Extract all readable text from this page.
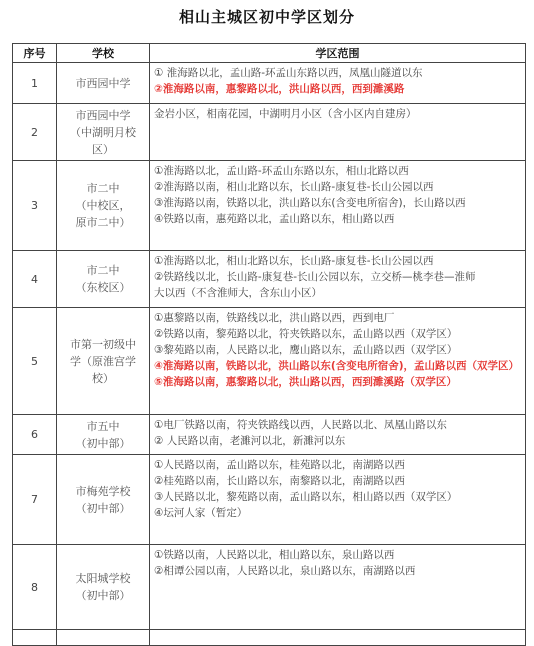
相山主城区初中学区划分
序号	学校	学区范围
1	市西园中学	① 淮海路以北，孟山路-环孟山东路以西，凤凰山隧道以东
②淮海路以南，惠黎路以北，洪山路以西，西到濉溪路

2	市西园中学
（中湖明月校
区）	金岩小区，相南花园，中湖明月小区（含小区内自建房）

3	市二中
（中校区，
原市二中）	①淮海路以北，孟山路-环孟山东路以东，相山北路以西
②淮海路以南，相山北路以东，长山路-康复巷-长山公园以西
③淮海路以南，铁路以北，洪山路以东(含变电所宿舍)，长山路以西
④铁路以南，惠苑路以北，孟山路以东，相山路以西

4	市二中
（东校区）	①淮海路以北，相山北路以东，长山路-康复巷-长山公园以西
②铁路线以北，长山路-康复巷-长山公园以东，立交桥—桃李巷—淮师
大以西（不含淮师大，含东山小区）

5	市第一初级中
学（原淮宫学
校）	①惠黎路以南，铁路线以北，洪山路以西，西到电厂
②铁路以南，黎苑路以北，符夹铁路以东，孟山路以西（双学区）
③黎苑路以南，人民路以北，鹰山路以东，孟山路以西（双学区）
④淮海路以南，铁路以北，洪山路以东(含变电所宿舍)，孟山路以西（双学区）
⑤淮海路以南，惠黎路以北，洪山路以西，西到濉溪路（双学区）

6	市五中
（初中部）	①电厂铁路以南，符夹铁路线以西，人民路以北、凤凰山路以东
② 人民路以南，老濉河以北，新濉河以东

7	市梅苑学校
（初中部）	①人民路以南，孟山路以东，桂苑路以北，南湖路以西
②桂苑路以南，长山路以东，南黎路以北，南湖路以西
③人民路以北，黎苑路以南，孟山路以东，相山路以西（双学区）
④坛河人家（暂定）

8	太阳城学校
（初中部）	①铁路以南，人民路以北，相山路以东，泉山路以西
②相谭公园以南，人民路以北，泉山路以东，南湖路以西
